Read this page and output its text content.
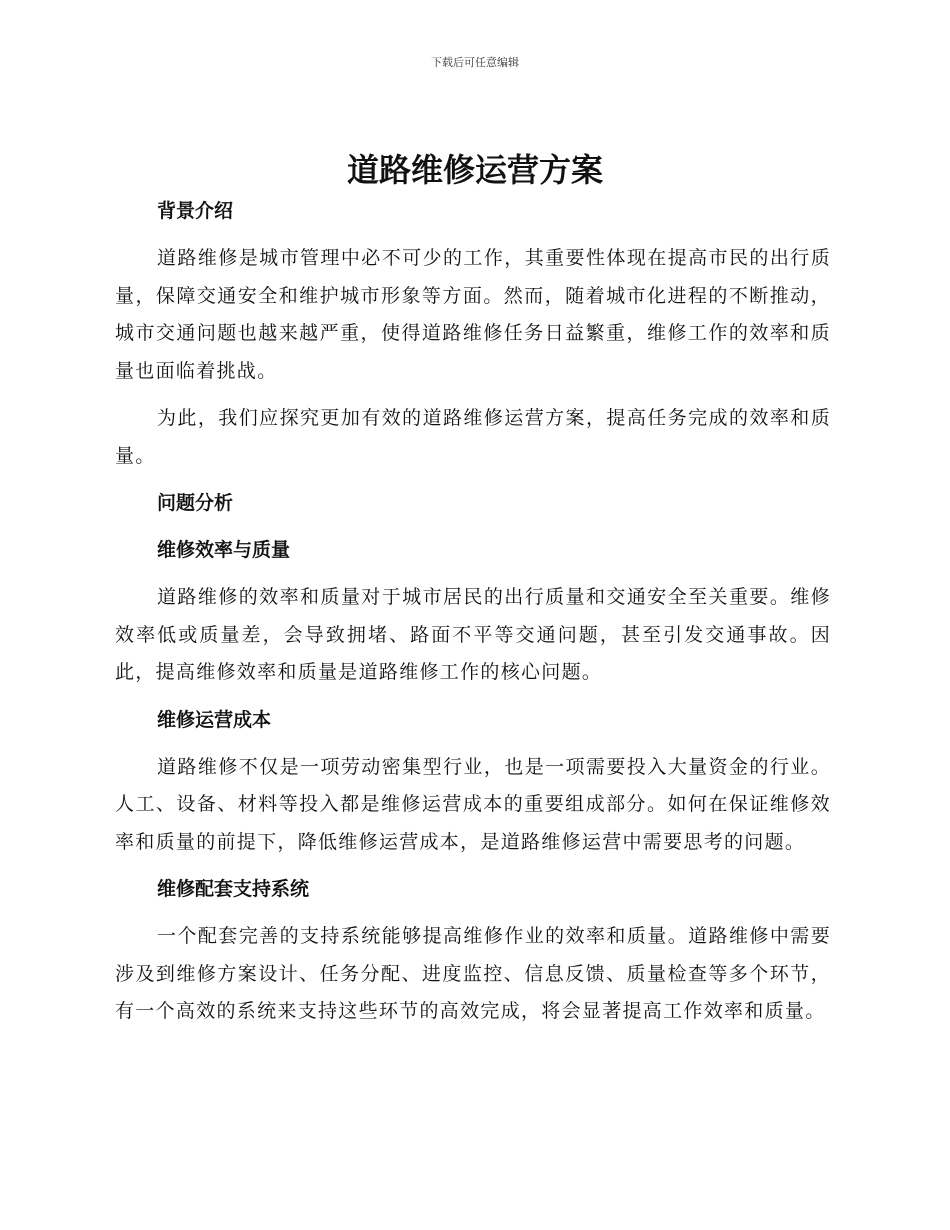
下载后可任意编辑
道路维修运营方案
背景介绍

道路维修是城市管理中必不可少的工作，其重要性体现在提高市民的出行质量，保障交通安全和维护城市形象等方面。然而，随着城市化进程的不断推动，城市交通问题也越来越严重，使得道路维修任务日益繁重，维修工作的效率和质量也面临着挑战。

为此，我们应探究更加有效的道路维修运营方案，提高任务完成的效率和质量。

问题分析
维修效率与质量

道路维修的效率和质量对于城市居民的出行质量和交通安全至关重要。维修效率低或质量差，会导致拥堵、路面不平等交通问题，甚至引发交通事故。因此，提高维修效率和质量是道路维修工作的核心问题。

维修运营成本

道路维修不仅是一项劳动密集型行业，也是一项需要投入大量资金的行业。人工、设备、材料等投入都是维修运营成本的重要组成部分。如何在保证维修效率和质量的前提下，降低维修运营成本，是道路维修运营中需要思考的问题。

维修配套支持系统

一个配套完善的支持系统能够提高维修作业的效率和质量。道路维修中需要涉及到维修方案设计、任务分配、进度监控、信息反馈、质量检查等多个环节，有一个高效的系统来支持这些环节的高效完成，将会显著提高工作效率和质量。
